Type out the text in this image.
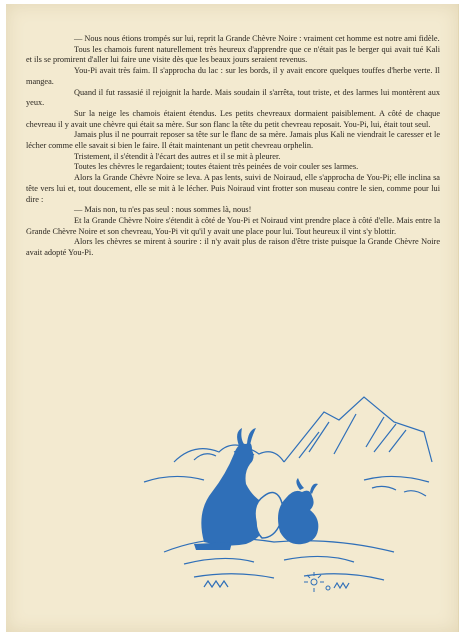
— Nous nous étions trompés sur lui, reprit la Grande Chèvre Noire : vraiment cet homme est notre ami fidèle.

Tous les chamois furent naturellement très heureux d'apprendre que ce n'était pas le berger qui avait tué Kali et ils se promirent d'aller lui faire une visite dès que les beaux jours seraient revenus.

You-Pi avait très faim. Il s'approcha du lac : sur les bords, il y avait encore quelques touffes d'herbe verte. Il mangea.

Quand il fut rassasié il rejoignit la harde. Mais soudain il s'arrêta, tout triste, et des larmes lui montèrent aux yeux.

Sur la neige les chamois étaient étendus. Les petits chevreaux dormaient paisiblement. A côté de chaque chevreau il y avait une chèvre qui était sa mère. Sur son flanc la tête du petit chevreau reposait. You-Pi, lui, était tout seul.

Jamais plus il ne pourrait reposer sa tête sur le flanc de sa mère. Jamais plus Kali ne viendrait le caresser et le lécher comme elle savait si bien le faire. Il était maintenant un petit chevreau orphelin.

Tristement, il s'étendit à l'écart des autres et il se mit à pleurer.

Toutes les chèvres le regardaient; toutes étaient très peinées de voir couler ses larmes.

Alors la Grande Chèvre Noire se leva. A pas lents, suivi de Noiraud, elle s'approcha de You-Pi; elle inclina sa tête vers lui et, tout doucement, elle se mit à le lécher. Puis Noiraud vint frotter son museau contre le sien, comme pour lui dire :

— Mais non, tu n'es pas seul : nous sommes là, nous!

Et la Grande Chèvre Noire s'étendit à côté de You-Pi et Noiraud vint prendre place à côté d'elle. Mais entre la Grande Chèvre Noire et son chevreau, You-Pi vit qu'il y avait une place pour lui. Tout heureux il vint s'y blottir.

Alors les chèvres se mirent à sourire : il n'y avait plus de raison d'être triste puisque la Grande Chèvre Noire avait adopté You-Pi.
